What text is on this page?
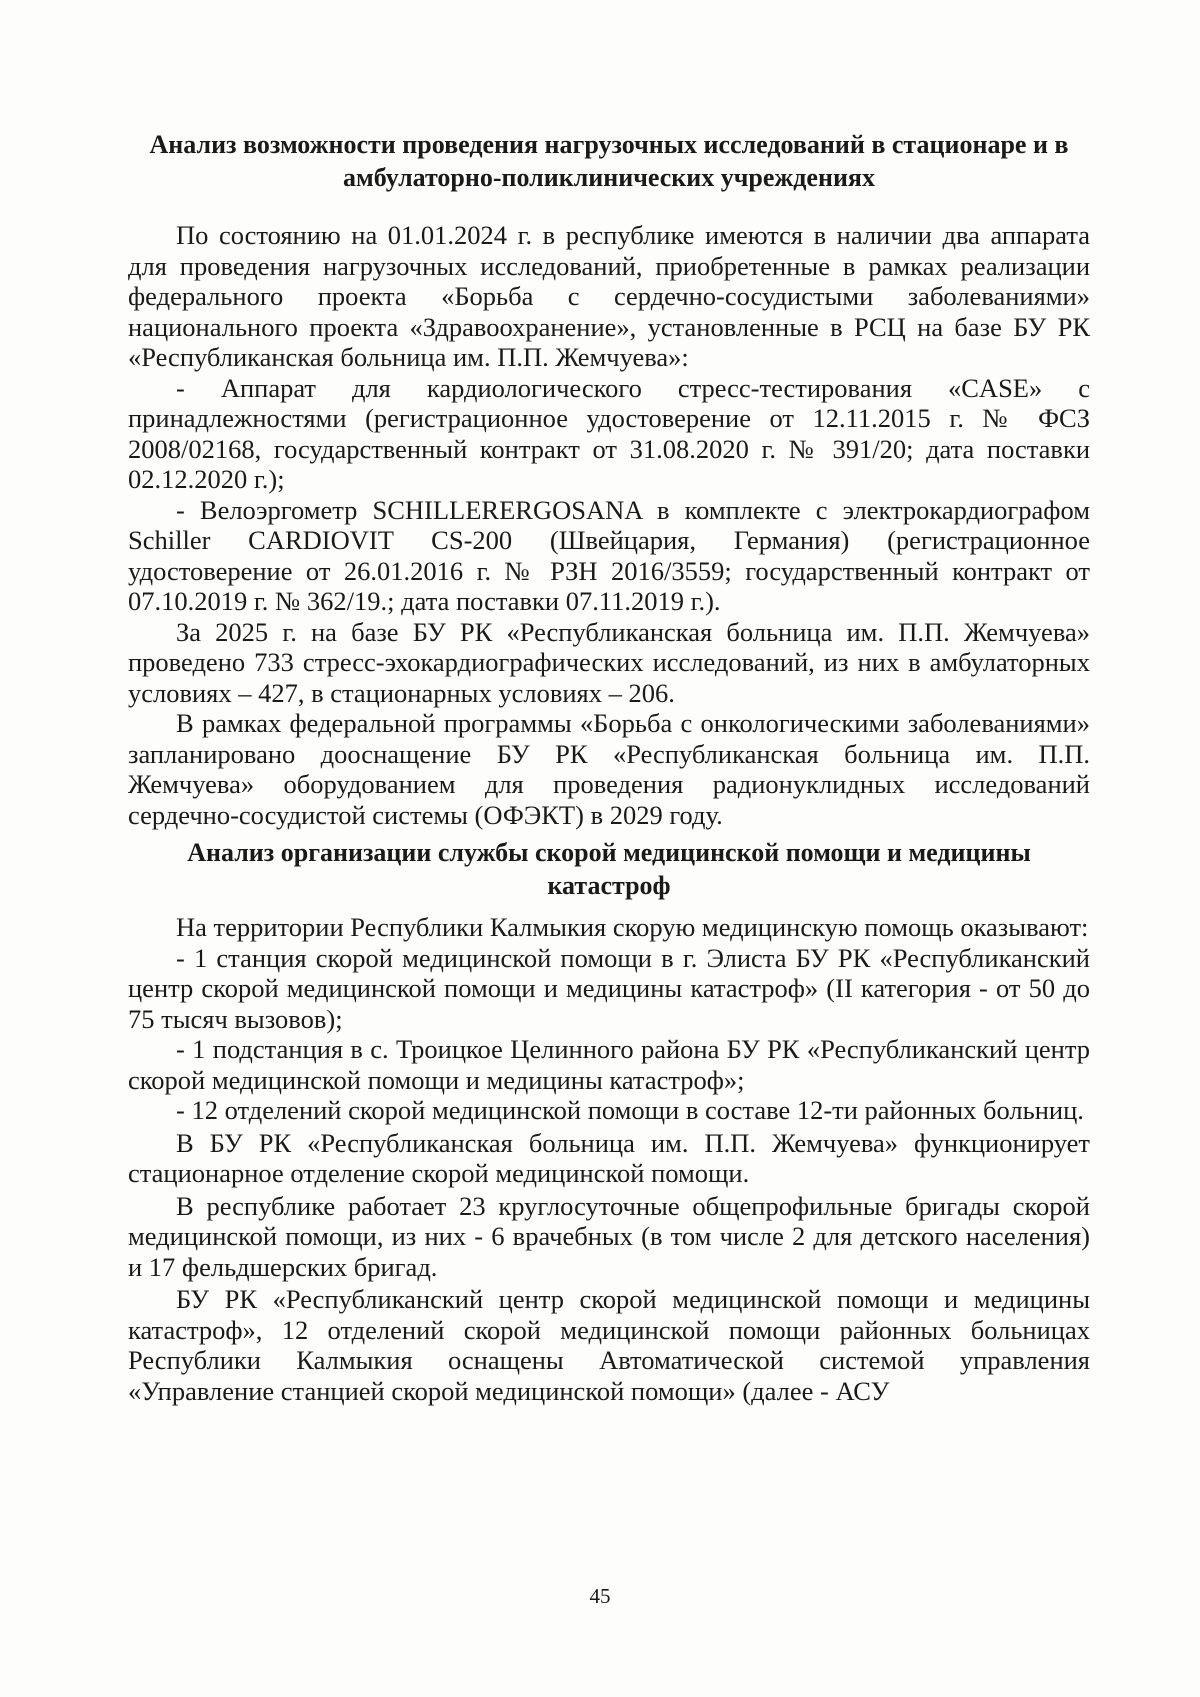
Анализ возможности проведения нагрузочных исследований в стационаре и в амбулаторно-поликлинических учреждениях

По состоянию на 01.01.2024 г. в республике имеются в наличии два аппарата для проведения нагрузочных исследований, приобретенные в рамках реализации федерального проекта «Борьба с сердечно-сосудистыми заболеваниями» национального проекта «Здравоохранение», установленные в РСЦ на базе БУ РК «Республиканская больница им. П.П. Жемчуева»:

- Аппарат для кардиологического стресс-тестирования «CASE» с принадлежностями (регистрационное удостоверение от 12.11.2015 г. № ФСЗ 2008/02168, государственный контракт от 31.08.2020 г. № 391/20; дата поставки 02.12.2020 г.);

- Велоэргометр SCHILLERERGOSANA в комплекте с электрокардиографом Schiller CARDIOVIT CS-200 (Швейцария, Германия) (регистрационное удостоверение от 26.01.2016 г. № РЗН 2016/3559; государственный контракт от 07.10.2019 г. № 362/19.; дата поставки 07.11.2019 г.).

За 2025 г. на базе БУ РК «Республиканская больница им. П.П. Жемчуева» проведено 733 стресс-эхокардиографических исследований, из них в амбулаторных условиях – 427, в стационарных условиях – 206.

В рамках федеральной программы «Борьба с онкологическими заболеваниями» запланировано дооснащение БУ РК «Республиканская больница им. П.П. Жемчуева» оборудованием для проведения радионуклидных исследований сердечно-сосудистой системы (ОФЭКТ) в 2029 году.

Анализ организации службы скорой медицинской помощи и медицины катастроф

На территории Республики Калмыкия скорую медицинскую помощь оказывают:

- 1 станция скорой медицинской помощи в г. Элиста БУ РК «Республиканский центр скорой медицинской помощи и медицины катастроф» (II категория - от 50 до 75 тысяч вызовов);

- 1 подстанция в с. Троицкое Целинного района БУ РК «Республиканский центр скорой медицинской помощи и медицины катастроф»;

- 12 отделений скорой медицинской помощи в составе 12-ти районных больниц.

В БУ РК «Республиканская больница им. П.П. Жемчуева» функционирует стационарное отделение скорой медицинской помощи.

В республике работает 23 круглосуточные общепрофильные бригады скорой медицинской помощи, из них - 6 врачебных (в том числе 2 для детского населения) и 17 фельдшерских бригад.

БУ РК «Республиканский центр скорой медицинской помощи и медицины катастроф», 12 отделений скорой медицинской помощи районных больницах Республики Калмыкия оснащены Автоматической системой управления «Управление станцией скорой медицинской помощи» (далее - АСУ

45
